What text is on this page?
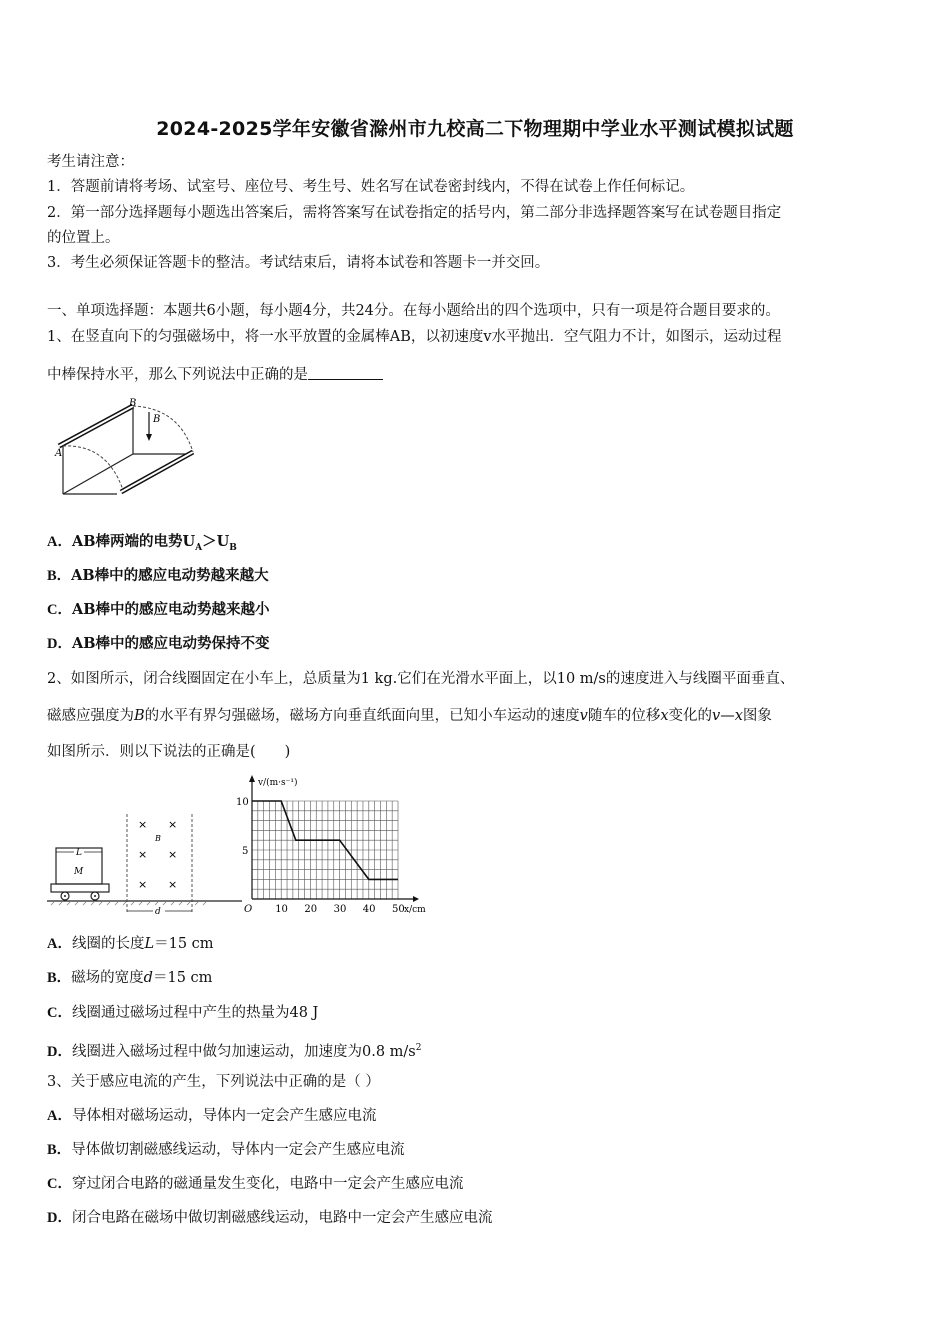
2024-2025学年安徽省滁州市九校高二下物理期中学业水平测试模拟试题
考生请注意：
1．答题前请将考场、试室号、座位号、考生号、姓名写在试卷密封线内，不得在试卷上作任何标记。
2．第一部分选择题每小题选出答案后，需将答案写在试卷指定的括号内，第二部分非选择题答案写在试卷题目指定
的位置上。
3．考生必须保证答题卡的整洁。考试结束后，请将本试卷和答题卡一并交回。
一、单项选择题：本题共6小题，每小题4分，共24分。在每小题给出的四个选项中，只有一项是符合题目要求的。
1、在竖直向下的匀强磁场中，将一水平放置的金属棒AB，以初速度v水平抛出．空气阻力不计，如图示，运动过程
中棒保持水平，那么下列说法中正确的是
A
B
B
A．AB棒两端的电势$U_A>U_B$
B．AB棒中的感应电动势越来越大
C．AB棒中的感应电动势越来越小
D．AB棒中的感应电动势保持不变
2、如图所示，闭合线圈固定在小车上，总质量为1 kg.它们在光滑水平面上，以10 m/s的速度进入与线圈平面垂直、
磁感应强度为B的水平有界匀强磁场，磁场方向垂直纸面向里，已知小车运动的速度v随车的位移x变化的v—x图象
如图所示．则以下说法的正确是(　　)
L
M
× ×
× ×
× ×
B
d	10 20 30 40 50
5
10
v/(m·s⁻¹)
x/cm
O
A．线圈的长度L＝15 cm
B．磁场的宽度d＝15 cm
C．线圈通过磁场过程中产生的热量为48 J
D．线圈进入磁场过程中做匀加速运动，加速度为0.8 $m/s^2$
3、关于感应电流的产生，下列说法中正确的是（ ）
A．导体相对磁场运动，导体内一定会产生感应电流
B．导体做切割磁感线运动，导体内一定会产生感应电流
C．穿过闭合电路的磁通量发生变化，电路中一定会产生感应电流
D．闭合电路在磁场中做切割磁感线运动，电路中一定会产生感应电流
